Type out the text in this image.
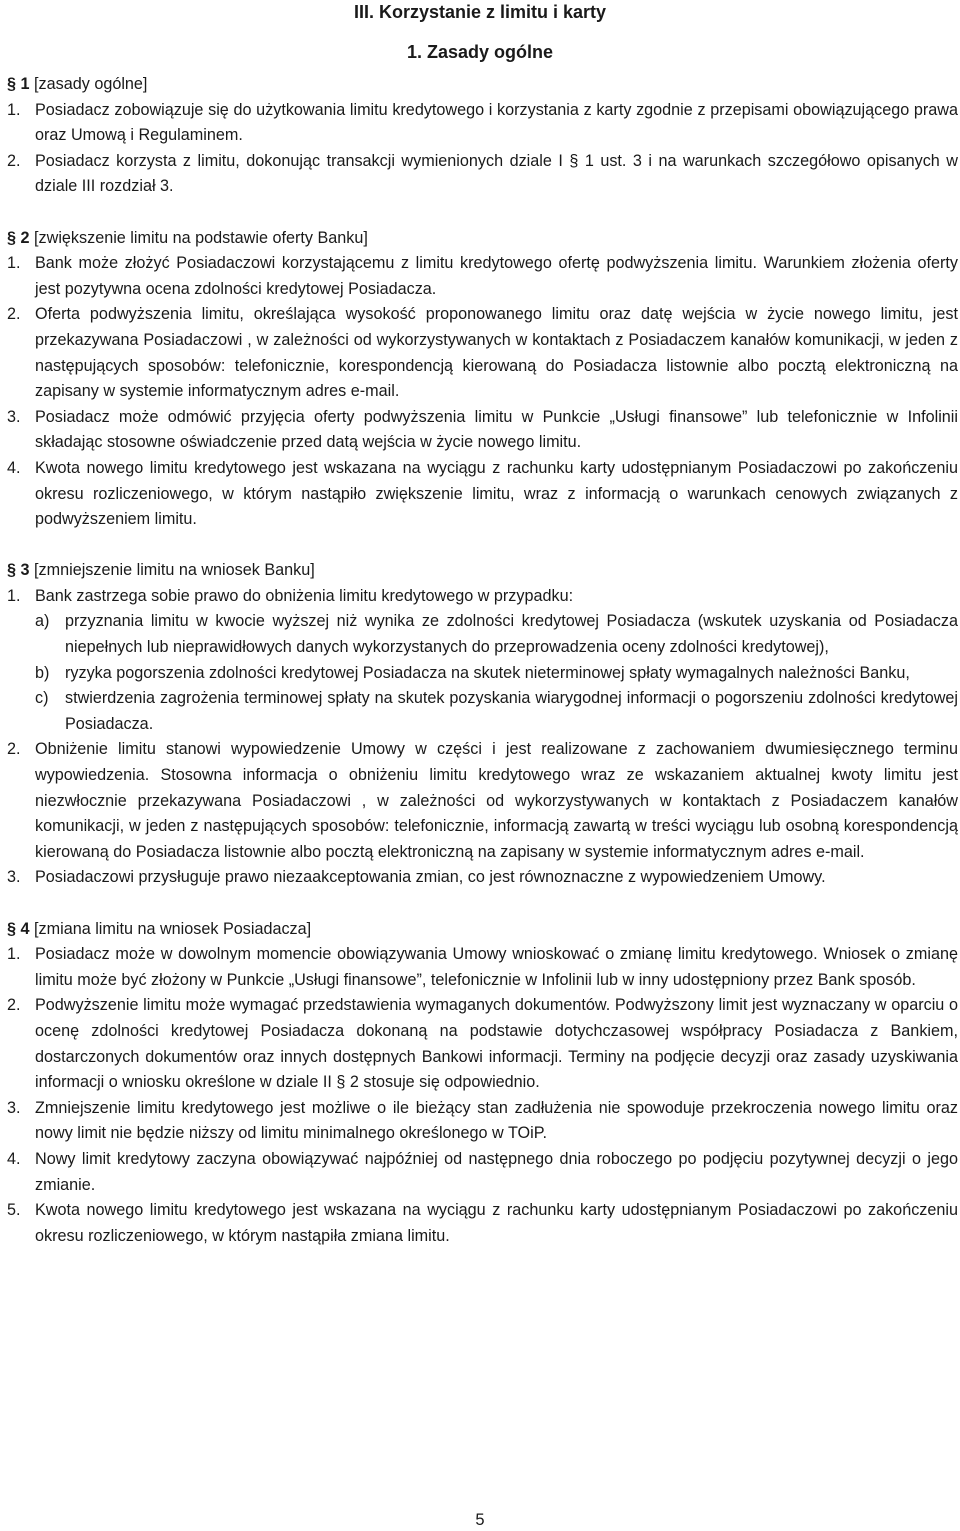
III. Korzystanie z limitu i karty
1. Zasady ogólne
§ 1 [zasady ogólne]
1. Posiadacz zobowiązuje się do użytkowania limitu kredytowego i korzystania z karty zgodnie z przepisami obowiązującego prawa oraz Umową i Regulaminem.
2. Posiadacz korzysta z limitu, dokonując transakcji wymienionych dziale I § 1 ust. 3 i na warunkach szczegółowo opisanych w dziale III rozdział 3.
§ 2 [zwiększenie limitu na podstawie oferty Banku]
1. Bank może złożyć Posiadaczowi korzystającemu z limitu kredytowego ofertę podwyższenia limitu. Warunkiem złożenia oferty jest pozytywna ocena zdolności kredytowej Posiadacza.
2. Oferta podwyższenia limitu, określająca wysokość proponowanego limitu oraz datę wejścia w życie nowego limitu, jest przekazywana Posiadaczowi , w zależności od wykorzystywanych w kontaktach z Posiadaczem kanałów komunikacji, w jeden z następujących sposobów: telefonicznie, korespondencją kierowaną do Posiadacza listownie albo pocztą elektroniczną na zapisany w systemie informatycznym adres e-mail.
3. Posiadacz może odmówić przyjęcia oferty podwyższenia limitu w Punkcie „Usługi finansowe” lub telefonicznie w Infolinii składając stosowne oświadczenie przed datą wejścia w życie nowego limitu.
4. Kwota nowego limitu kredytowego jest wskazana na wyciągu z rachunku karty udostępnianym Posiadaczowi po zakończeniu okresu rozliczeniowego, w którym nastąpiło zwiększenie limitu, wraz z informacją o warunkach cenowych związanych z podwyższeniem limitu.
§ 3 [zmniejszenie limitu na wniosek Banku]
1. Bank zastrzega sobie prawo do obniżenia limitu kredytowego w przypadku:
a) przyznania limitu w kwocie wyższej niż wynika ze zdolności kredytowej Posiadacza (wskutek uzyskania od Posiadacza niepełnych lub nieprawidłowych danych wykorzystanych do przeprowadzenia oceny zdolności kredytowej),
b) ryzyka pogorszenia zdolności kredytowej Posiadacza na skutek nieterminowej spłaty wymagalnych należności Banku,
c)	stwierdzenia zagrożenia terminowej spłaty na skutek pozyskania wiarygodnej informacji o pogorszeniu zdolności kredytowej Posiadacza.
2. Obniżenie limitu stanowi wypowiedzenie Umowy w części i jest realizowane z zachowaniem dwumiesięcznego terminu wypowiedzenia. Stosowna informacja o obniżeniu limitu kredytowego wraz ze wskazaniem aktualnej kwoty limitu jest niezwłocznie przekazywana Posiadaczowi , w zależności od wykorzystywanych w kontaktach z Posiadaczem kanałów komunikacji, w jeden z następujących sposobów: telefonicznie, informacją zawartą w treści wyciągu lub osobną korespondencją kierowaną do Posiadacza listownie albo pocztą elektroniczną na zapisany w systemie informatycznym adres e-mail.
3. Posiadaczowi przysługuje prawo niezaakceptowania zmian, co jest równoznaczne z wypowiedzeniem Umowy.
§ 4 [zmiana limitu na wniosek Posiadacza]
1. Posiadacz może w dowolnym momencie obowiązywania Umowy wnioskować o zmianę limitu kredytowego. Wniosek o zmianę limitu może być złożony w Punkcie „Usługi finansowe”, telefonicznie w Infolinii lub w inny udostępniony przez Bank sposób.
2. Podwyższenie limitu może wymagać przedstawienia wymaganych dokumentów. Podwyższony limit jest wyznaczany w oparciu o ocenę zdolności kredytowej Posiadacza dokonaną na podstawie dotychczasowej współpracy Posiadacza z Bankiem, dostarczonych dokumentów oraz innych dostępnych Bankowi informacji. Terminy na podjęcie decyzji oraz zasady uzyskiwania informacji o wniosku określone w dziale II § 2 stosuje się odpowiednio.
3. Zmniejszenie limitu kredytowego jest możliwe o ile bieżący stan zadłużenia nie spowoduje przekroczenia nowego limitu oraz nowy limit nie będzie niższy od limitu minimalnego określonego w TOiP.
4. Nowy limit kredytowy zaczyna obowiązywać najpóźniej od następnego dnia roboczego po podjęciu pozytywnej decyzji o jego zmianie.
5. Kwota nowego limitu kredytowego jest wskazana na wyciągu z rachunku karty udostępnianym Posiadaczowi po zakończeniu okresu rozliczeniowego, w którym nastąpiła zmiana limitu.
5
